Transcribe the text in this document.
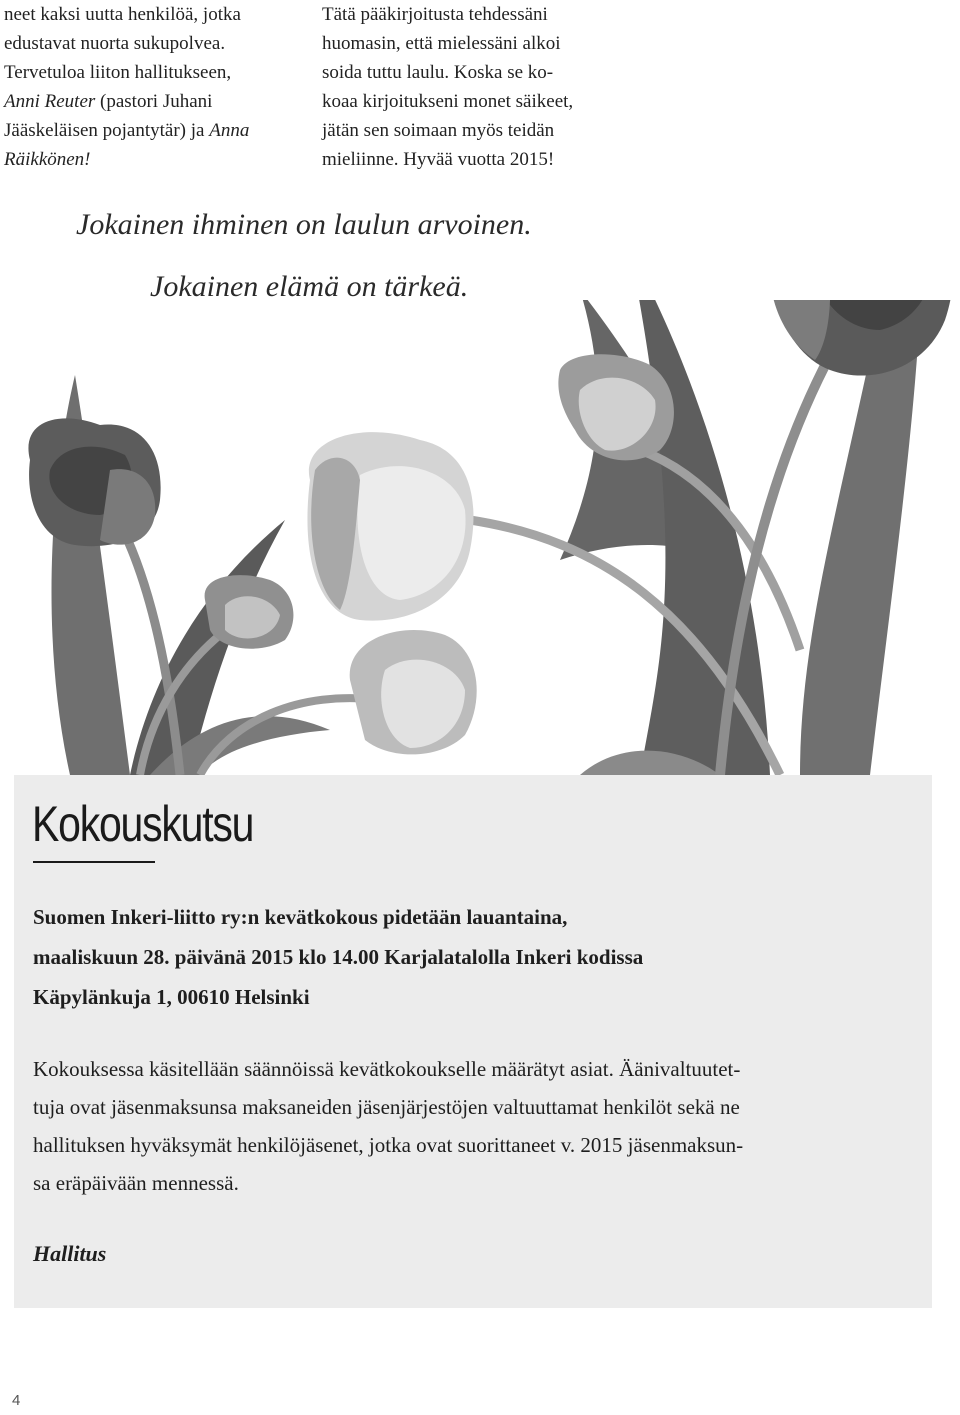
neet kaksi uutta henkilöä, jotka
edustavat nuorta sukupolvea.
Tervetuloa liiton hallitukseen,
Anni Reuter (pastori Juhani
Jääskeläisen pojantytär) ja Anna
Räikkönen!
Tätä pääkirjoitusta tehdessäni
huomasin, että mielessäni alkoi
soida tuttu laulu. Koska se ko-
koaa kirjoitukseni monet säikeet,
jätän sen soimaan myös teidän
mieliinne. Hyvää vuotta 2015!
Jokainen ihminen on laulun arvoinen.
Jokainen elämä on tärkeä.
Kokouskutsu
Suomen Inkeri-liitto ry:n kevätkokous pidetään lauantaina,
maaliskuun 28. päivänä 2015 klo 14.00 Karjalatalolla Inkeri kodissa
Käpylänkuja 1, 00610 Helsinki
Kokouksessa käsitellään säännöissä kevätkokoukselle määrätyt asiat. Äänivaltuutet-
tuja ovat jäsenmaksunsa maksaneiden jäsenjärjestöjen valtuuttamat henkilöt sekä ne
hallituksen hyväksymät henkilöjäsenet, jotka ovat suorittaneet v. 2015 jäsenmaksun-
sa eräpäivään mennessä.
Hallitus
4
